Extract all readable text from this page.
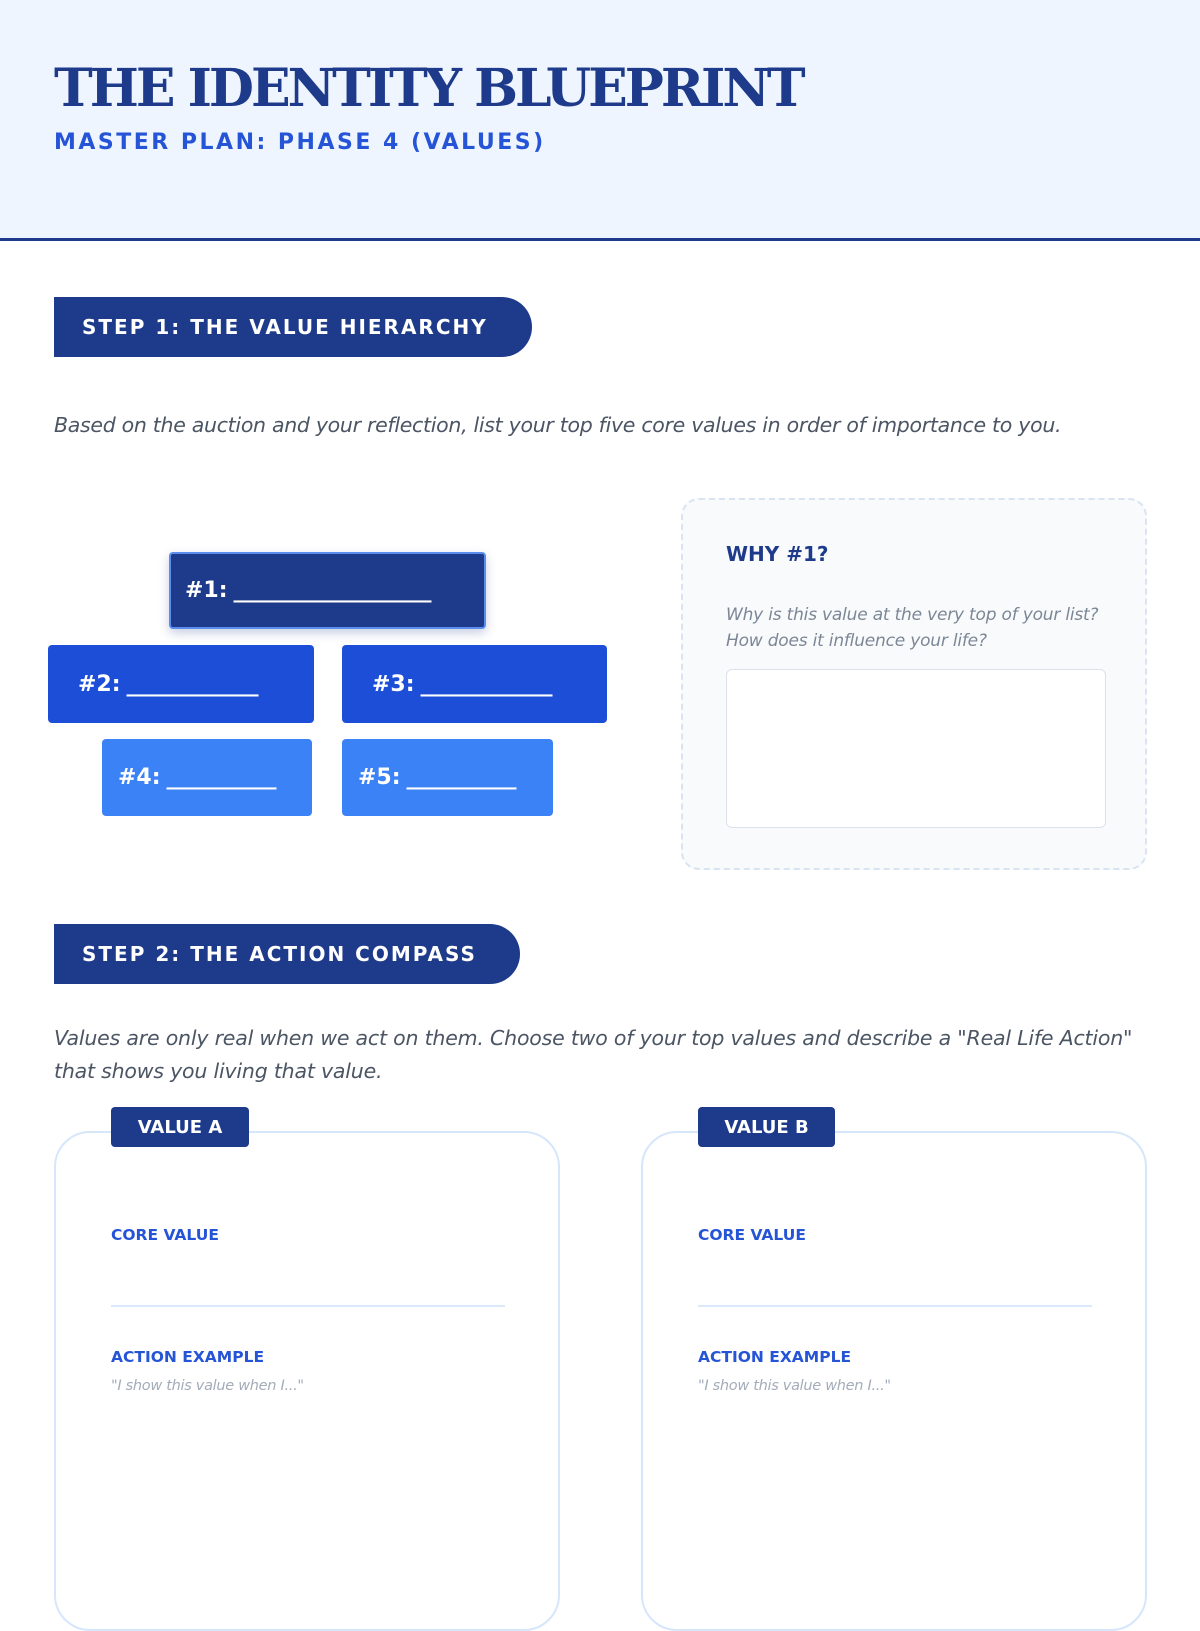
THE IDENTITY BLUEPRINT
MASTER PLAN: PHASE 4 (VALUES)
STEP 1: THE VALUE HIERARCHY
Based on the auction and your reflection, list your top five core values in order of importance to you.
#1: __________________
#2: ____________	#3: ____________
#4: __________	#5: __________
WHY #1?
Why is this value at the very top of your list? How does it influence your life?
STEP 2: THE ACTION COMPASS
Values are only real when we act on them. Choose two of your top values and describe a "Real Life Action" that shows you living that value.
VALUE A
CORE VALUE
ACTION EXAMPLE
"I show this value when I..."
VALUE B
CORE VALUE
ACTION EXAMPLE
"I show this value when I..."
